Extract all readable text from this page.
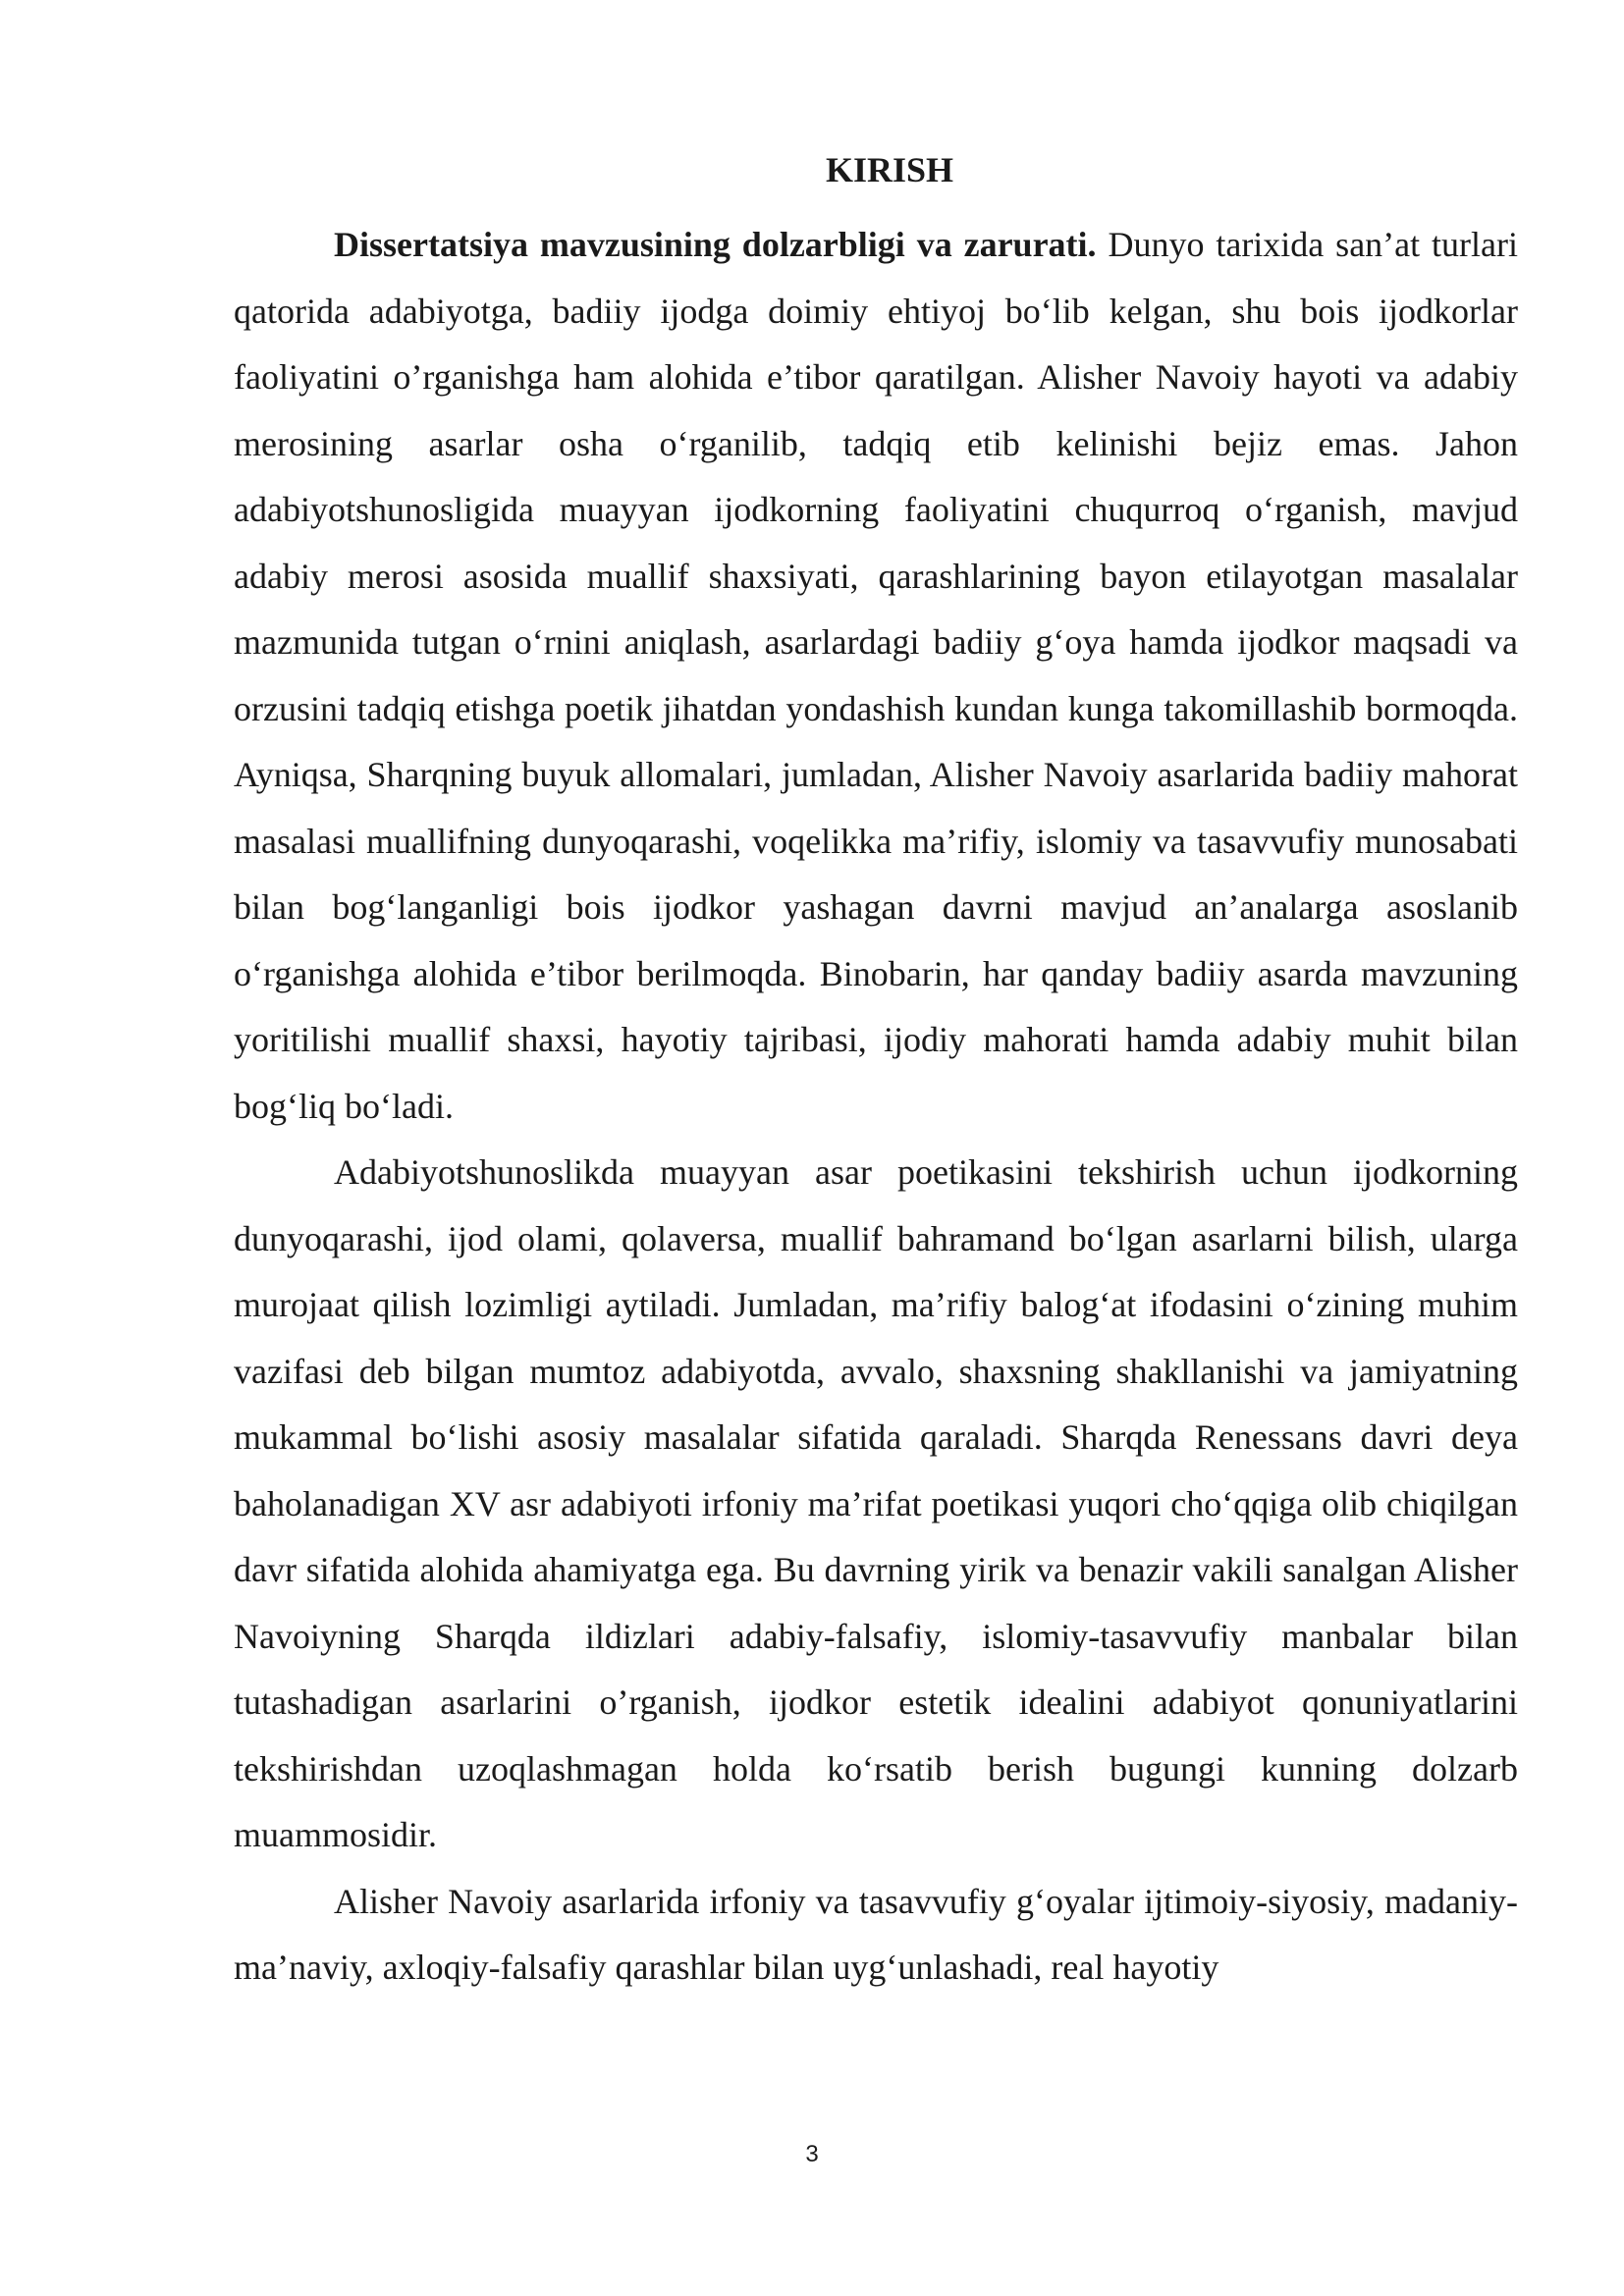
KIRISH

Dissertatsiya mavzusining dolzarbligi va zarurati. Dunyo tarixida san’at turlari qatorida adabiyotga, badiiy ijodga doimiy ehtiyoj bo‘lib kelgan, shu bois ijodkorlar faoliyatini o’rganishga ham alohida e’tibor qaratilgan. Alisher Navoiy hayoti va adabiy merosining asarlar osha o‘rganilib, tadqiq etib kelinishi bejiz emas. Jahon adabiyotshunosligida muayyan ijodkorning faoliyatini chuqurroq o‘rganish, mavjud adabiy merosi asosida muallif shaxsiyati, qarashlarining bayon etilayotgan masalalar mazmunida tutgan o‘rnini aniqlash, asarlardagi badiiy g‘oya hamda ijodkor maqsadi va orzusini tadqiq etishga poetik jihatdan yondashish kundan kunga takomillashib bormoqda. Ayniqsa, Sharqning buyuk allomalari, jumladan, Alisher Navoiy asarlarida badiiy mahorat masalasi muallifning dunyoqarashi, voqelikka ma’rifiy, islomiy va tasavvufiy munosabati bilan bog‘langanligi bois ijodkor yashagan davrni mavjud an’analarga asoslanib o‘rganishga alohida e’tibor berilmoqda. Binobarin, har qanday badiiy asarda mavzuning yoritilishi muallif shaxsi, hayotiy tajribasi, ijodiy mahorati hamda adabiy muhit bilan bog‘liq bo‘ladi.

Adabiyotshunoslikda muayyan asar poetikasini tekshirish uchun ijodkorning dunyoqarashi, ijod olami, qolaversa, muallif bahramand bo‘lgan asarlarni bilish, ularga murojaat qilish lozimligi aytiladi. Jumladan, ma’rifiy balog‘at ifodasini o‘zining muhim vazifasi deb bilgan mumtoz adabiyotda, avvalo, shaxsning shakllanishi va jamiyatning mukammal bo‘lishi asosiy masalalar sifatida qaraladi. Sharqda Renessans davri deya baholanadigan XV asr adabiyoti irfoniy ma’rifat poetikasi yuqori cho‘qqiga olib chiqilgan davr sifatida alohida ahamiyatga ega. Bu davrning yirik va benazir vakili sanalgan Alisher Navoiyning Sharqda ildizlari adabiy-falsafiy, islomiy-tasavvufiy manbalar bilan tutashadigan asarlarini o’rganish, ijodkor estetik idealini adabiyot qonuniyatlarini tekshirishdan uzoqlashmagan holda ko‘rsatib berish bugungi kunning dolzarb muammosidir.

Alisher Navoiy asarlarida irfoniy va tasavvufiy g‘oyalar ijtimoiy-siyosiy, madaniy-ma’naviy, axloqiy-falsafiy qarashlar bilan uyg‘unlashadi, real hayotiy

3
